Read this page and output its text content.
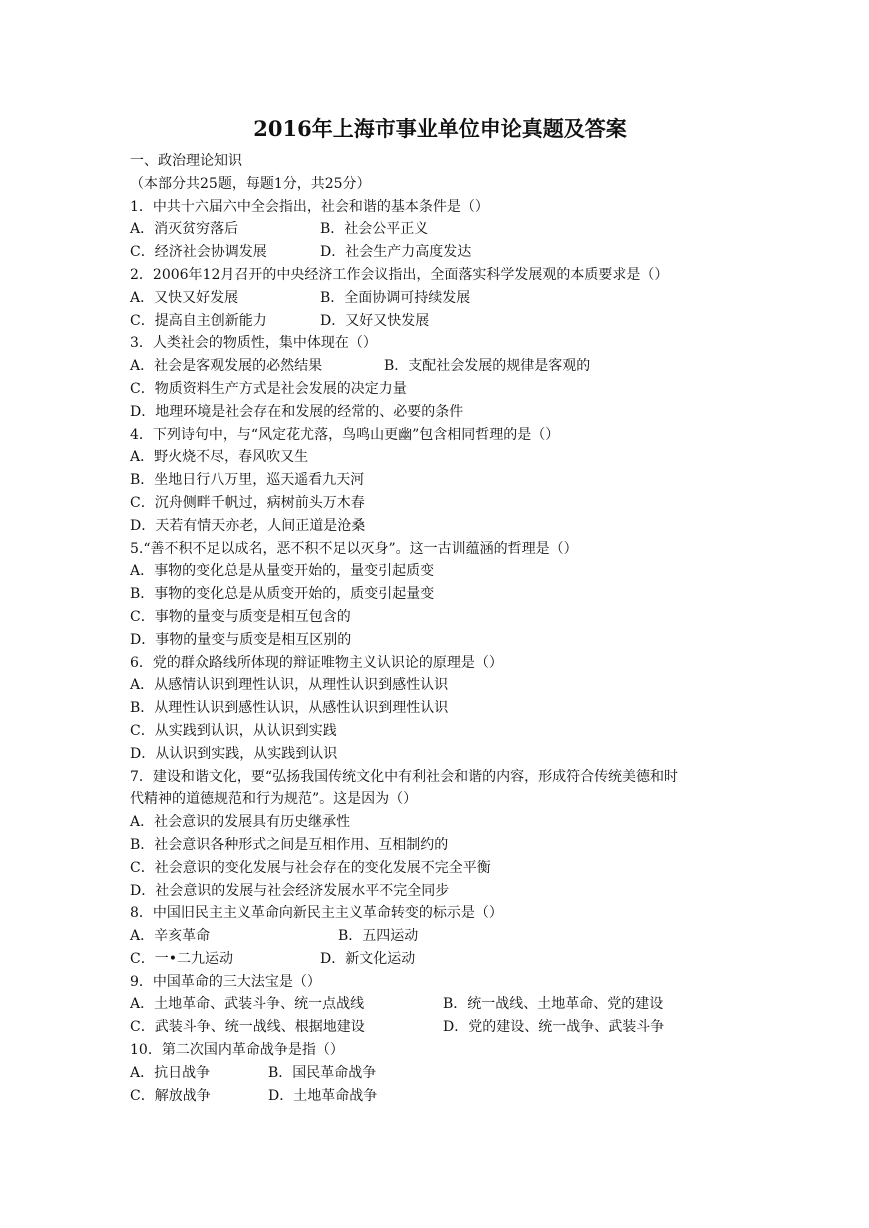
2016年上海市事业单位申论真题及答案
一、政治理论知识
（本部分共25题，每题1分，共25分）
1．中共十六届六中全会指出，社会和谐的基本条件是（）
A．消灭贫穷落后	B．社会公平正义
C．经济社会协调发展	D．社会生产力高度发达
2．2006年12月召开的中央经济工作会议指出，全面落实科学发展观的本质要求是（）
A．又快又好发展	B．全面协调可持续发展
C．提高自主创新能力	D．又好又快发展
3．人类社会的物质性，集中体现在（）
A．社会是客观发展的必然结果	B．支配社会发展的规律是客观的
C．物质资料生产方式是社会发展的决定力量
D．地理环境是社会存在和发展的经常的、必要的条件
4．下列诗句中，与“风定花尤落，鸟鸣山更幽”包含相同哲理的是（）
A．野火烧不尽，春风吹又生
B．坐地日行八万里，巡天遥看九天河
C．沉舟侧畔千帆过，病树前头万木春
D．天若有情天亦老，人间正道是沧桑
5.“善不积不足以成名，恶不积不足以灭身”。这一古训蕴涵的哲理是（）
A．事物的变化总是从量变开始的，量变引起质变
B．事物的变化总是从质变开始的，质变引起量变
C．事物的量变与质变是相互包含的
D．事物的量变与质变是相互区别的
6．党的群众路线所体现的辩证唯物主义认识论的原理是（）
A．从感情认识到理性认识，从理性认识到感性认识
B．从理性认识到感性认识，从感性认识到理性认识
C．从实践到认识，从认识到实践
D．从认识到实践，从实践到认识
7．建设和谐文化，要“弘扬我国传统文化中有利社会和谐的内容，形成符合传统美德和时
代精神的道德规范和行为规范”。这是因为（）
A．社会意识的发展具有历史继承性
B．社会意识各种形式之间是互相作用、互相制约的
C．社会意识的变化发展与社会存在的变化发展不完全平衡
D．社会意识的发展与社会经济发展水平不完全同步
8．中国旧民主主义革命向新民主主义革命转变的标示是（）
A．辛亥革命	B．五四运动
C．一•二九运动	D．新文化运动
9．中国革命的三大法宝是（）
A．土地革命、武装斗争、统一点战线	B．统一战线、土地革命、党的建设
C．武装斗争、统一战线、根据地建设	D．党的建设、统一战争、武装斗争
10．第二次国内革命战争是指（）
A．抗日战争	B．国民革命战争
C．解放战争	D．土地革命战争
